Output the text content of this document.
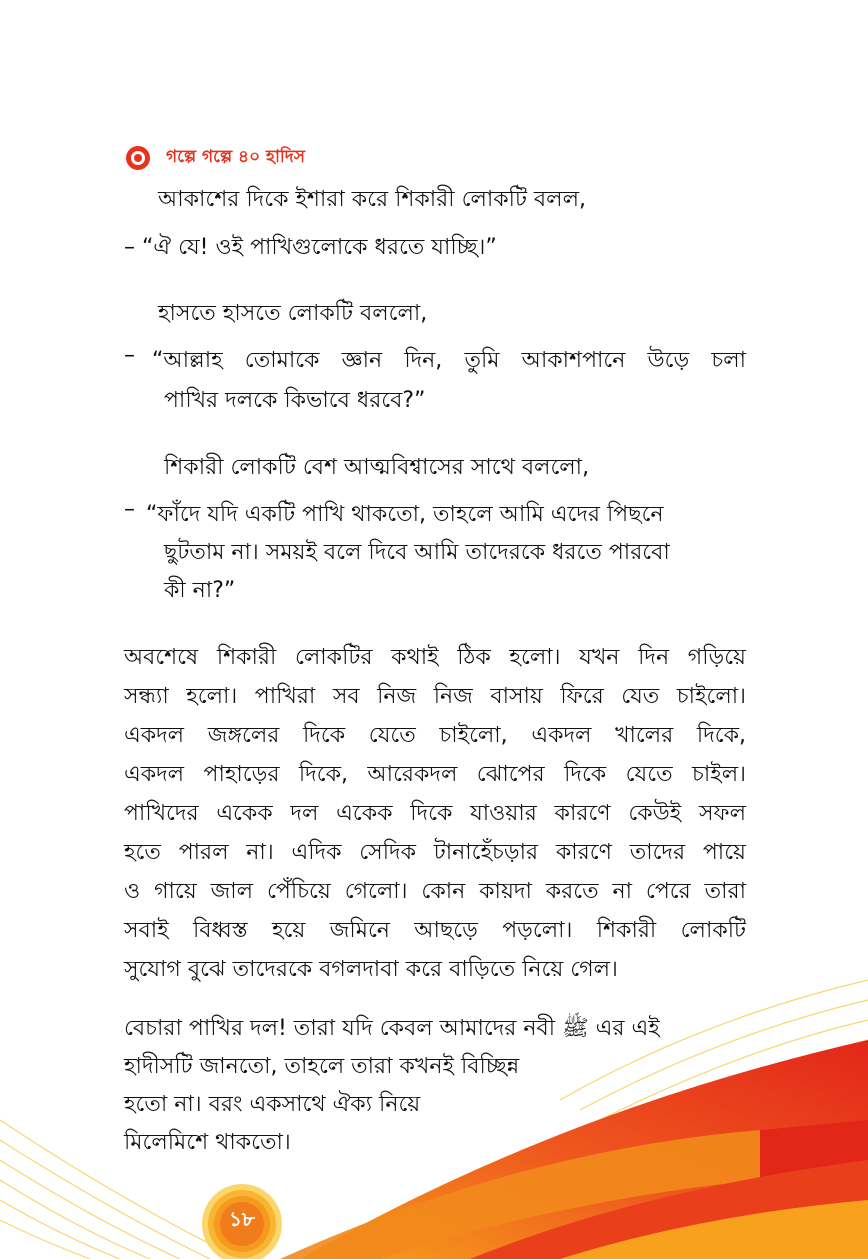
গল্পে গল্পে ৪০ হাদিস
আকাশের দিকে ইশারা করে শিকারী লোকটি বলল,
– “ঐ যে! ওই পাখিগুলোকে ধরতে যাচ্ছি।”
হাসতে হাসতে লোকটি বললো,
– “আল্লাহ তোমাকে জ্ঞান দিন, তুমি আকাশপানে উড়ে চলা
পাখির দলকে কিভাবে ধরবে?”
শিকারী লোকটি বেশ আত্মবিশ্বাসের সাথে বললো,
– “ফাঁদে যদি একটি পাখি থাকতো, তাহলে আমি এদের পিছনে
ছুটতাম না। সময়ই বলে দিবে আমি তাদেরকে ধরতে পারবো
কী না?”
অবশেষে শিকারী লোকটির কথাই ঠিক হলো। যখন দিন গড়িয়ে
সন্ধ্যা হলো। পাখিরা সব নিজ নিজ বাসায় ফিরে যেত চাইলো।
একদল জঙ্গলের দিকে যেতে চাইলো, একদল খালের দিকে,
একদল পাহাড়ের দিকে, আরেকদল ঝোপের দিকে যেতে চাইল।
পাখিদের একেক দল একেক দিকে যাওয়ার কারণে কেউই সফল
হতে পারল না। এদিক সেদিক টানাহেঁচড়ার কারণে তাদের পায়ে
ও গায়ে জাল পেঁচিয়ে গেলো। কোন কায়দা করতে না পেরে তারা
সবাই বিধ্বস্ত হয়ে জমিনে আছড়ে পড়লো। শিকারী লোকটি
সুযোগ বুঝে তাদেরকে বগলদাবা করে বাড়িতে নিয়ে গেল।
বেচারা পাখির দল! তারা যদি কেবল আমাদের নবী ﷺ এর এই
হাদীসটি জানতো, তাহলে তারা কখনই বিচ্ছিন্ন
হতো না। বরং একসাথে ঐক্য নিয়ে
মিলেমিশে থাকতো।
১৮
